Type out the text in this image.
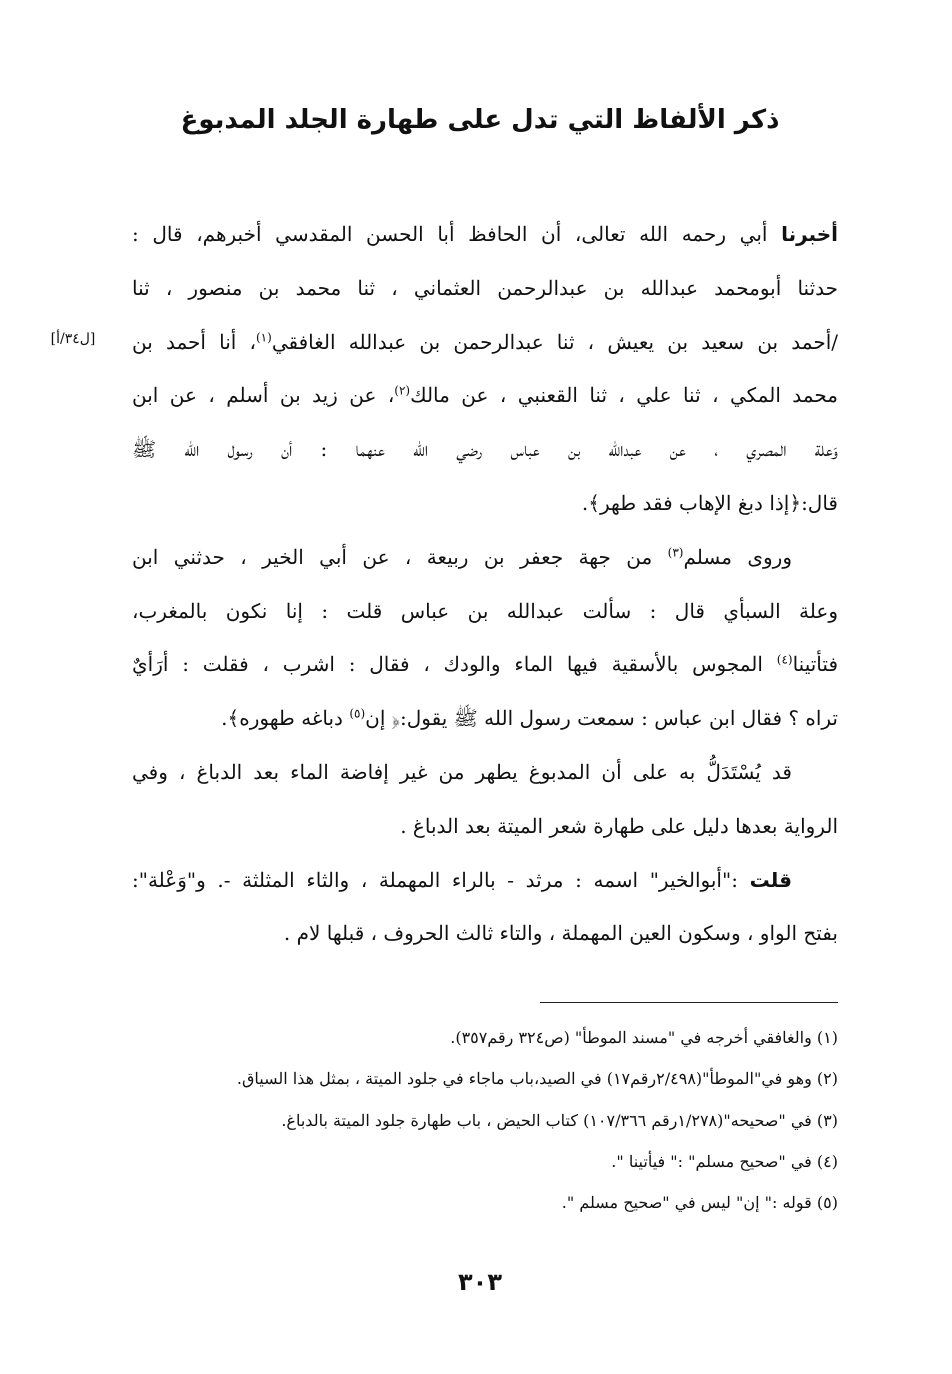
ذكر الألفاظ التي تدل على طهارة الجلد المدبوغ
[ل٣٤/أ]
أخبرنا أبي رحمه الله تعالى، أن الحافظ أبا الحسن المقدسي أخبرهم، قال :
حدثنا أبومحمد عبدالله بن عبدالرحمن العثماني ، ثنا محمد بن منصور ، ثنا
/أحمد بن سعيد بن يعيش ، ثنا عبدالرحمن بن عبدالله الغافقي$^{(١)}$، أنا أحمد بن
محمد المكي ، ثنا علي ، ثنا القعنبي ، عن مالك$^{(٢)}$، عن زيد بن أسلم ، عن ابن
وَعلة المصري ، عن عبدالله بن عباس رضي الله عنهما : أن رسول الله ﷺ
قال:﴿إذا دبغ الإهاب فقد طهر﴾.
وروى مسلم$^{(٣)}$ من جهة جعفر بن ربيعة ، عن أبي الخير ، حدثني ابن
وعلة السبأي قال : سألت عبدالله بن عباس قلت : إنا نكون بالمغرب،
فتأتينا$^{(٤)}$ المجوس بالأسقية فيها الماء والودك ، فقال : اشرب ، فقلت : أرَأيٌ
تراه ؟ فقال ابن عباس : سمعت رسول الله ﷺ يقول:﴿ إن$^{(٥)}$ دباغه طهوره﴾.
قد يُسْتَدَلُّ به على أن المدبوغ يطهر من غير إفاضة الماء بعد الدباغ ، وفي
الرواية بعدها دليل على طهارة شعر الميتة بعد الدباغ .
قلت :"أبوالخير" اسمه : مرثد - بالراء المهملة ، والثاء المثلثة -. و"وَعْلة":
بفتح الواو ، وسكون العين المهملة ، والتاء ثالث الحروف ، قبلها لام .
(١) والغافقي أخرجه في "مسند الموطأ" (ص٣٢٤ رقم٣٥٧).
(٢) وهو في"الموطأ"(٢/٤٩٨رقم١٧) في الصيد،باب ماجاء في جلود الميتة ، بمثل هذا السياق.
(٣) في "صحيحه"(١/٢٧٨رقم ١٠٧/٣٦٦) كتاب الحيض ، باب طهارة جلود الميتة بالدباغ.
(٤) في "صحيح مسلم" :" فيأتينا ".
(٥) قوله :" إن" ليس في "صحيح مسلم ".
٣٠٣
